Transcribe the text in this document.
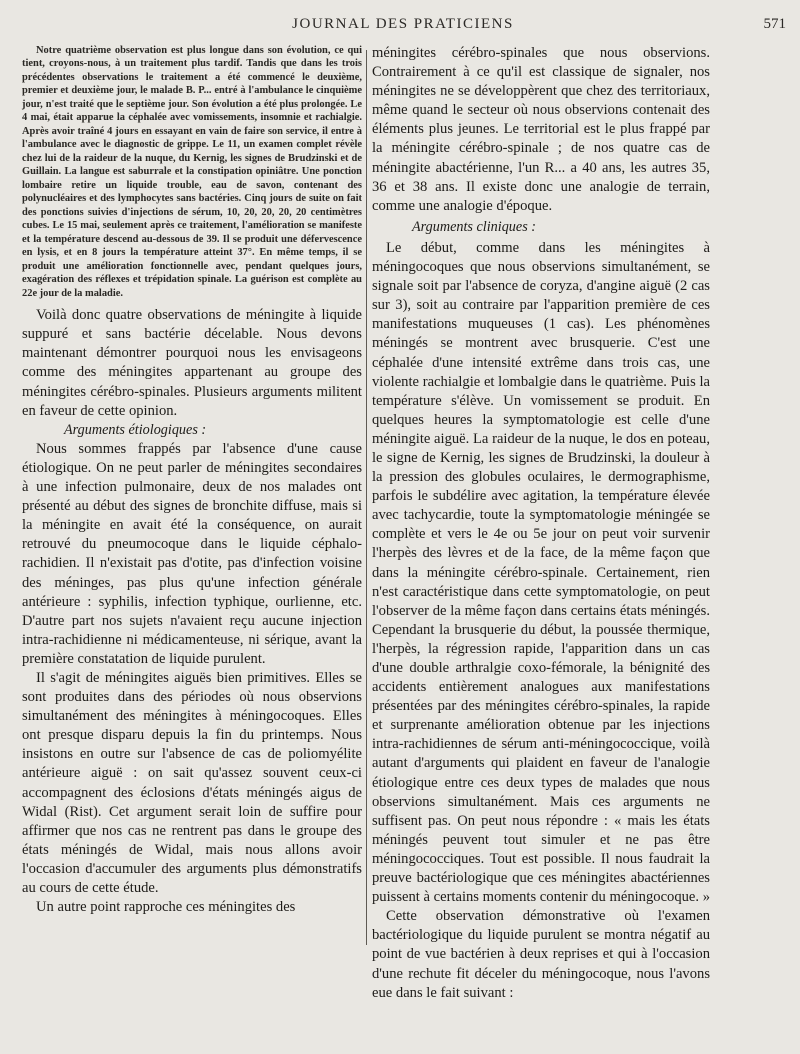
JOURNAL DES PRATICIENS	571

Notre quatrième observation est plus longue dans son évolution, ce qui tient, croyons-nous, à un traitement plus tardif. Tandis que dans les trois précédentes observations le traitement a été commencé le deuxième, premier et deuxième jour, le malade B. P... entré à l'ambulance le cinquième jour, n'est traité que le septième jour. Son évolution a été plus prolongée. Le 4 mai, était apparue la céphalée avec vomissements, insomnie et rachialgie. Après avoir traîné 4 jours en essayant en vain de faire son service, il entre à l'ambulance avec le diagnostic de grippe. Le 11, un examen complet révèle chez lui de la raideur de la nuque, du Kernig, les signes de Brudzinski et de Guillain. La langue est saburrale et la constipation opiniâtre. Une ponction lombaire retire un liquide trouble, eau de savon, contenant des polynucléaires et des lymphocytes sans bactéries. Cinq jours de suite on fait des ponctions suivies d'injections de sérum, 10, 20, 20, 20, 20 centimètres cubes. Le 15 mai, seulement après ce traitement, l'amélioration se manifeste et la température descend au-dessous de 39. Il se produit une défervescence en lysis, et en 8 jours la température atteint 37°. En même temps, il se produit une amélioration fonctionnelle avec, pendant quelques jours, exagération des réflexes et trépidation spinale. La guérison est complète au 22e jour de la maladie.

Voilà donc quatre observations de méningite à liquide suppuré et sans bactérie décelable. Nous devons maintenant démontrer pourquoi nous les envisageons comme des méningites appartenant au groupe des méningites cérébro-spinales. Plusieurs arguments militent en faveur de cette opinion.

Arguments étiologiques :

Nous sommes frappés par l'absence d'une cause étiologique. On ne peut parler de méningites secondaires à une infection pulmonaire, deux de nos malades ont présenté au début des signes de bronchite diffuse, mais si la méningite en avait été la conséquence, on aurait retrouvé du pneumocoque dans le liquide céphalo-rachidien. Il n'existait pas d'otite, pas d'infection voisine des méninges, pas plus qu'une infection générale antérieure : syphilis, infection typhique, ourlienne, etc. D'autre part nos sujets n'avaient reçu aucune injection intra-rachidienne ni médicamenteuse, ni sérique, avant la première constatation de liquide purulent.

Il s'agit de méningites aiguës bien primitives. Elles se sont produites dans des périodes où nous observions simultanément des méningites à méningocoques. Elles ont presque disparu depuis la fin du printemps. Nous insistons en outre sur l'absence de cas de poliomyélite antérieure aiguë : on sait qu'assez souvent ceux-ci accompagnent des éclosions d'états méningés aigus de Widal (Rist). Cet argument serait loin de suffire pour affirmer que nos cas ne rentrent pas dans le groupe des états méningés de Widal, mais nous allons avoir l'occasion d'accumuler des arguments plus démonstratifs au cours de cette étude.

Un autre point rapproche ces méningites des

méningites cérébro-spinales que nous observions. Contrairement à ce qu'il est classique de signaler, nos méningites ne se développèrent que chez des territoriaux, même quand le secteur où nous observions contenait des éléments plus jeunes. Le territorial est le plus frappé par la méningite cérébro-spinale ; de nos quatre cas de méningite abactérienne, l'un R... a 40 ans, les autres 35, 36 et 38 ans. Il existe donc une analogie de terrain, comme une analogie d'époque.

Arguments cliniques :

Le début, comme dans les méningites à méningocoques que nous observions simultanément, se signale soit par l'absence de coryza, d'angine aiguë (2 cas sur 3), soit au contraire par l'apparition première de ces manifestations muqueuses (1 cas). Les phénomènes méningés se montrent avec brusquerie. C'est une céphalée d'une intensité extrême dans trois cas, une violente rachialgie et lombalgie dans le quatrième. Puis la température s'élève. Un vomissement se produit. En quelques heures la symptomatologie est celle d'une méningite aiguë. La raideur de la nuque, le dos en poteau, le signe de Kernig, les signes de Brudzinski, la douleur à la pression des globules oculaires, le dermographisme, parfois le subdélire avec agitation, la température élevée avec tachycardie, toute la symptomatologie méningée se complète et vers le 4e ou 5e jour on peut voir survenir l'herpès des lèvres et de la face, de la même façon que dans la méningite cérébro-spinale. Certainement, rien n'est caractéristique dans cette symptomatologie, on peut l'observer de la même façon dans certains états méningés. Cependant la brusquerie du début, la poussée thermique, l'herpès, la régression rapide, l'apparition dans un cas d'une double arthralgie coxo-fémorale, la bénignité des accidents entièrement analogues aux manifestations présentées par des méningites cérébro-spinales, la rapide et surprenante amélioration obtenue par les injections intra-rachidiennes de sérum anti-méningococcique, voilà autant d'arguments qui plaident en faveur de l'analogie étiologique entre ces deux types de malades que nous observions simultanément. Mais ces arguments ne suffisent pas. On peut nous répondre : « mais les états méningés peuvent tout simuler et ne pas être méningococciques. Tout est possible. Il nous faudrait la preuve bactériologique que ces méningites abactériennes puissent à certains moments contenir du méningocoque. »

Cette observation démonstrative où l'examen bactériologique du liquide purulent se montra négatif au point de vue bactérien à deux reprises et qui à l'occasion d'une rechute fit déceler du méningocoque, nous l'avons eue dans le fait suivant :
